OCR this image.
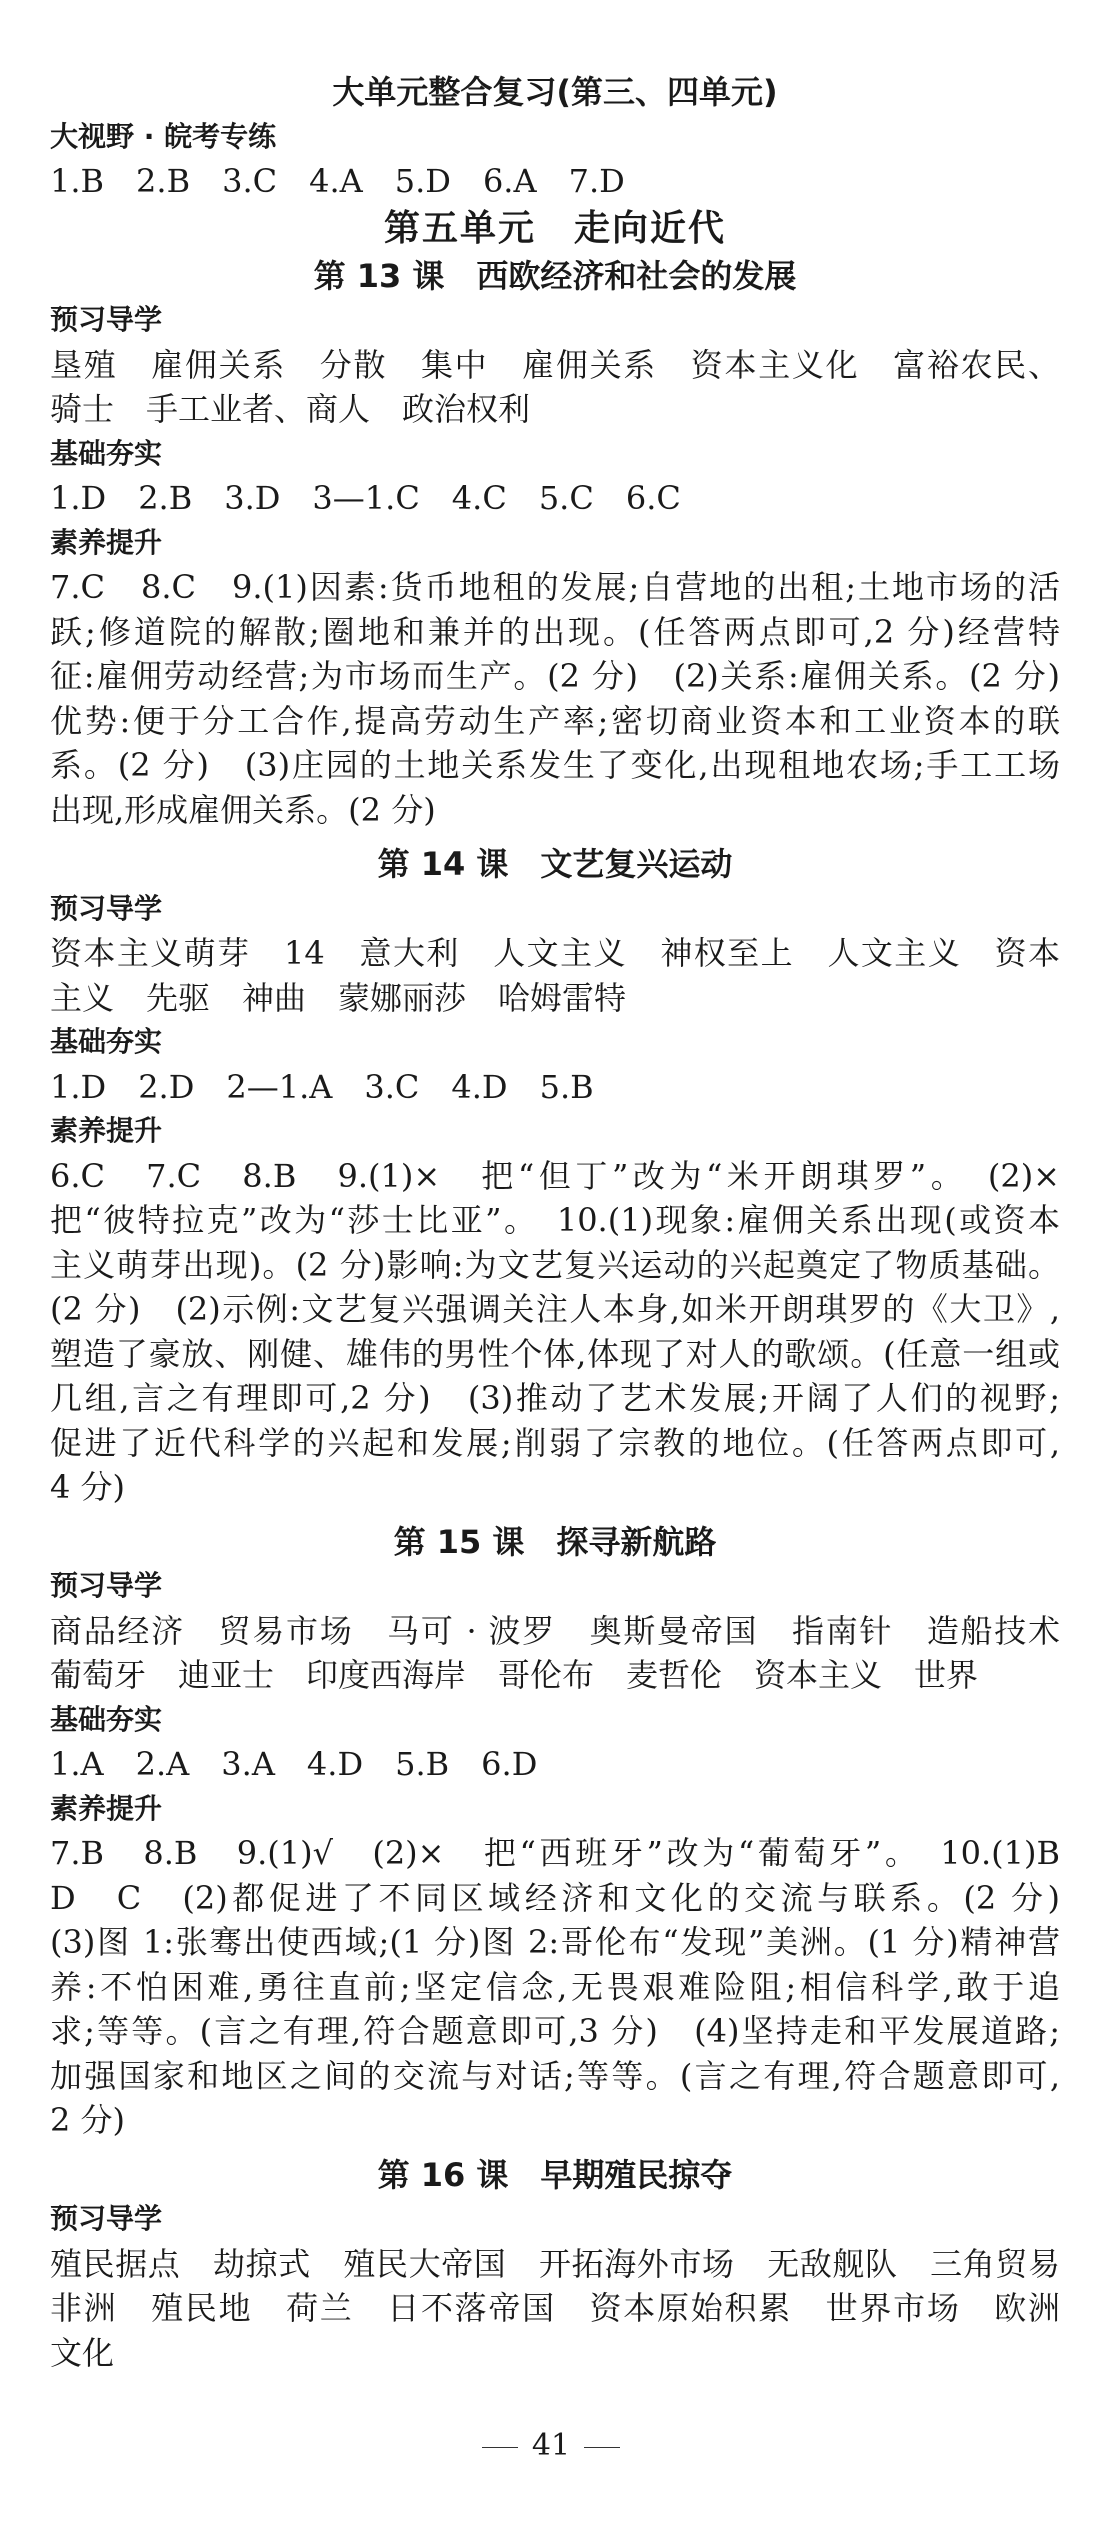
大单元整合复习(第三、四单元)
大视野 · 皖考专练
1.B　2.B　3.C　4.A　5.D　6.A　7.D
第五单元　走向近代
第 13 课　西欧经济和社会的发展
预习导学
垦殖　雇佣关系　分散　集中　雇佣关系　资本主义化　富裕农民、
骑士　手工业者、商人　政治权利
基础夯实
1.D　2.B　3.D　3—1.C　4.C　5.C　6.C
素养提升
7.C　8.C　9.(1)因素:货币地租的发展;自营地的出租;土地市场的活
跃;修道院的解散;圈地和兼并的出现。(任答两点即可,2 分)经营特
征:雇佣劳动经营;为市场而生产。(2 分)　(2)关系:雇佣关系。(2 分)
优势:便于分工合作,提高劳动生产率;密切商业资本和工业资本的联
系。(2 分)　(3)庄园的土地关系发生了变化,出现租地农场;手工工场
出现,形成雇佣关系。(2 分)
第 14 课　文艺复兴运动
预习导学
资本主义萌芽　14　意大利　人文主义　神权至上　人文主义　资本
主义　先驱　神曲　蒙娜丽莎　哈姆雷特
基础夯实
1.D　2.D　2—1.A　3.C　4.D　5.B
素养提升
6.C　7.C　8.B　9.(1)×　把“但丁”改为“米开朗琪罗”。　(2)×
把“彼特拉克”改为“莎士比亚”。　10.(1)现象:雇佣关系出现(或资本
主义萌芽出现)。(2 分)影响:为文艺复兴运动的兴起奠定了物质基础。
(2 分)　(2)示例:文艺复兴强调关注人本身,如米开朗琪罗的《大卫》,
塑造了豪放、刚健、雄伟的男性个体,体现了对人的歌颂。(任意一组或
几组,言之有理即可,2 分)　(3)推动了艺术发展;开阔了人们的视野;
促进了近代科学的兴起和发展;削弱了宗教的地位。(任答两点即可,
4 分)
第 15 课　探寻新航路
预习导学
商品经济　贸易市场　马可 · 波罗　奥斯曼帝国　指南针　造船技术
葡萄牙　迪亚士　印度西海岸　哥伦布　麦哲伦　资本主义　世界
基础夯实
1.A　2.A　3.A　4.D　5.B　6.D
素养提升
7.B　8.B　9.(1)√　(2)×　把“西班牙”改为“葡萄牙”。　10.(1)B
D　C　(2)都促进了不同区域经济和文化的交流与联系。(2 分)
(3)图 1:张骞出使西域;(1 分)图 2:哥伦布“发现”美洲。(1 分)精神营
养:不怕困难,勇往直前;坚定信念,无畏艰难险阻;相信科学,敢于追
求;等等。(言之有理,符合题意即可,3 分)　(4)坚持走和平发展道路;
加强国家和地区之间的交流与对话;等等。(言之有理,符合题意即可,
2 分)
第 16 课　早期殖民掠夺
预习导学
殖民据点　劫掠式　殖民大帝国　开拓海外市场　无敌舰队　三角贸易
非洲　殖民地　荷兰　日不落帝国　资本原始积累　世界市场　欧洲
文化
41
